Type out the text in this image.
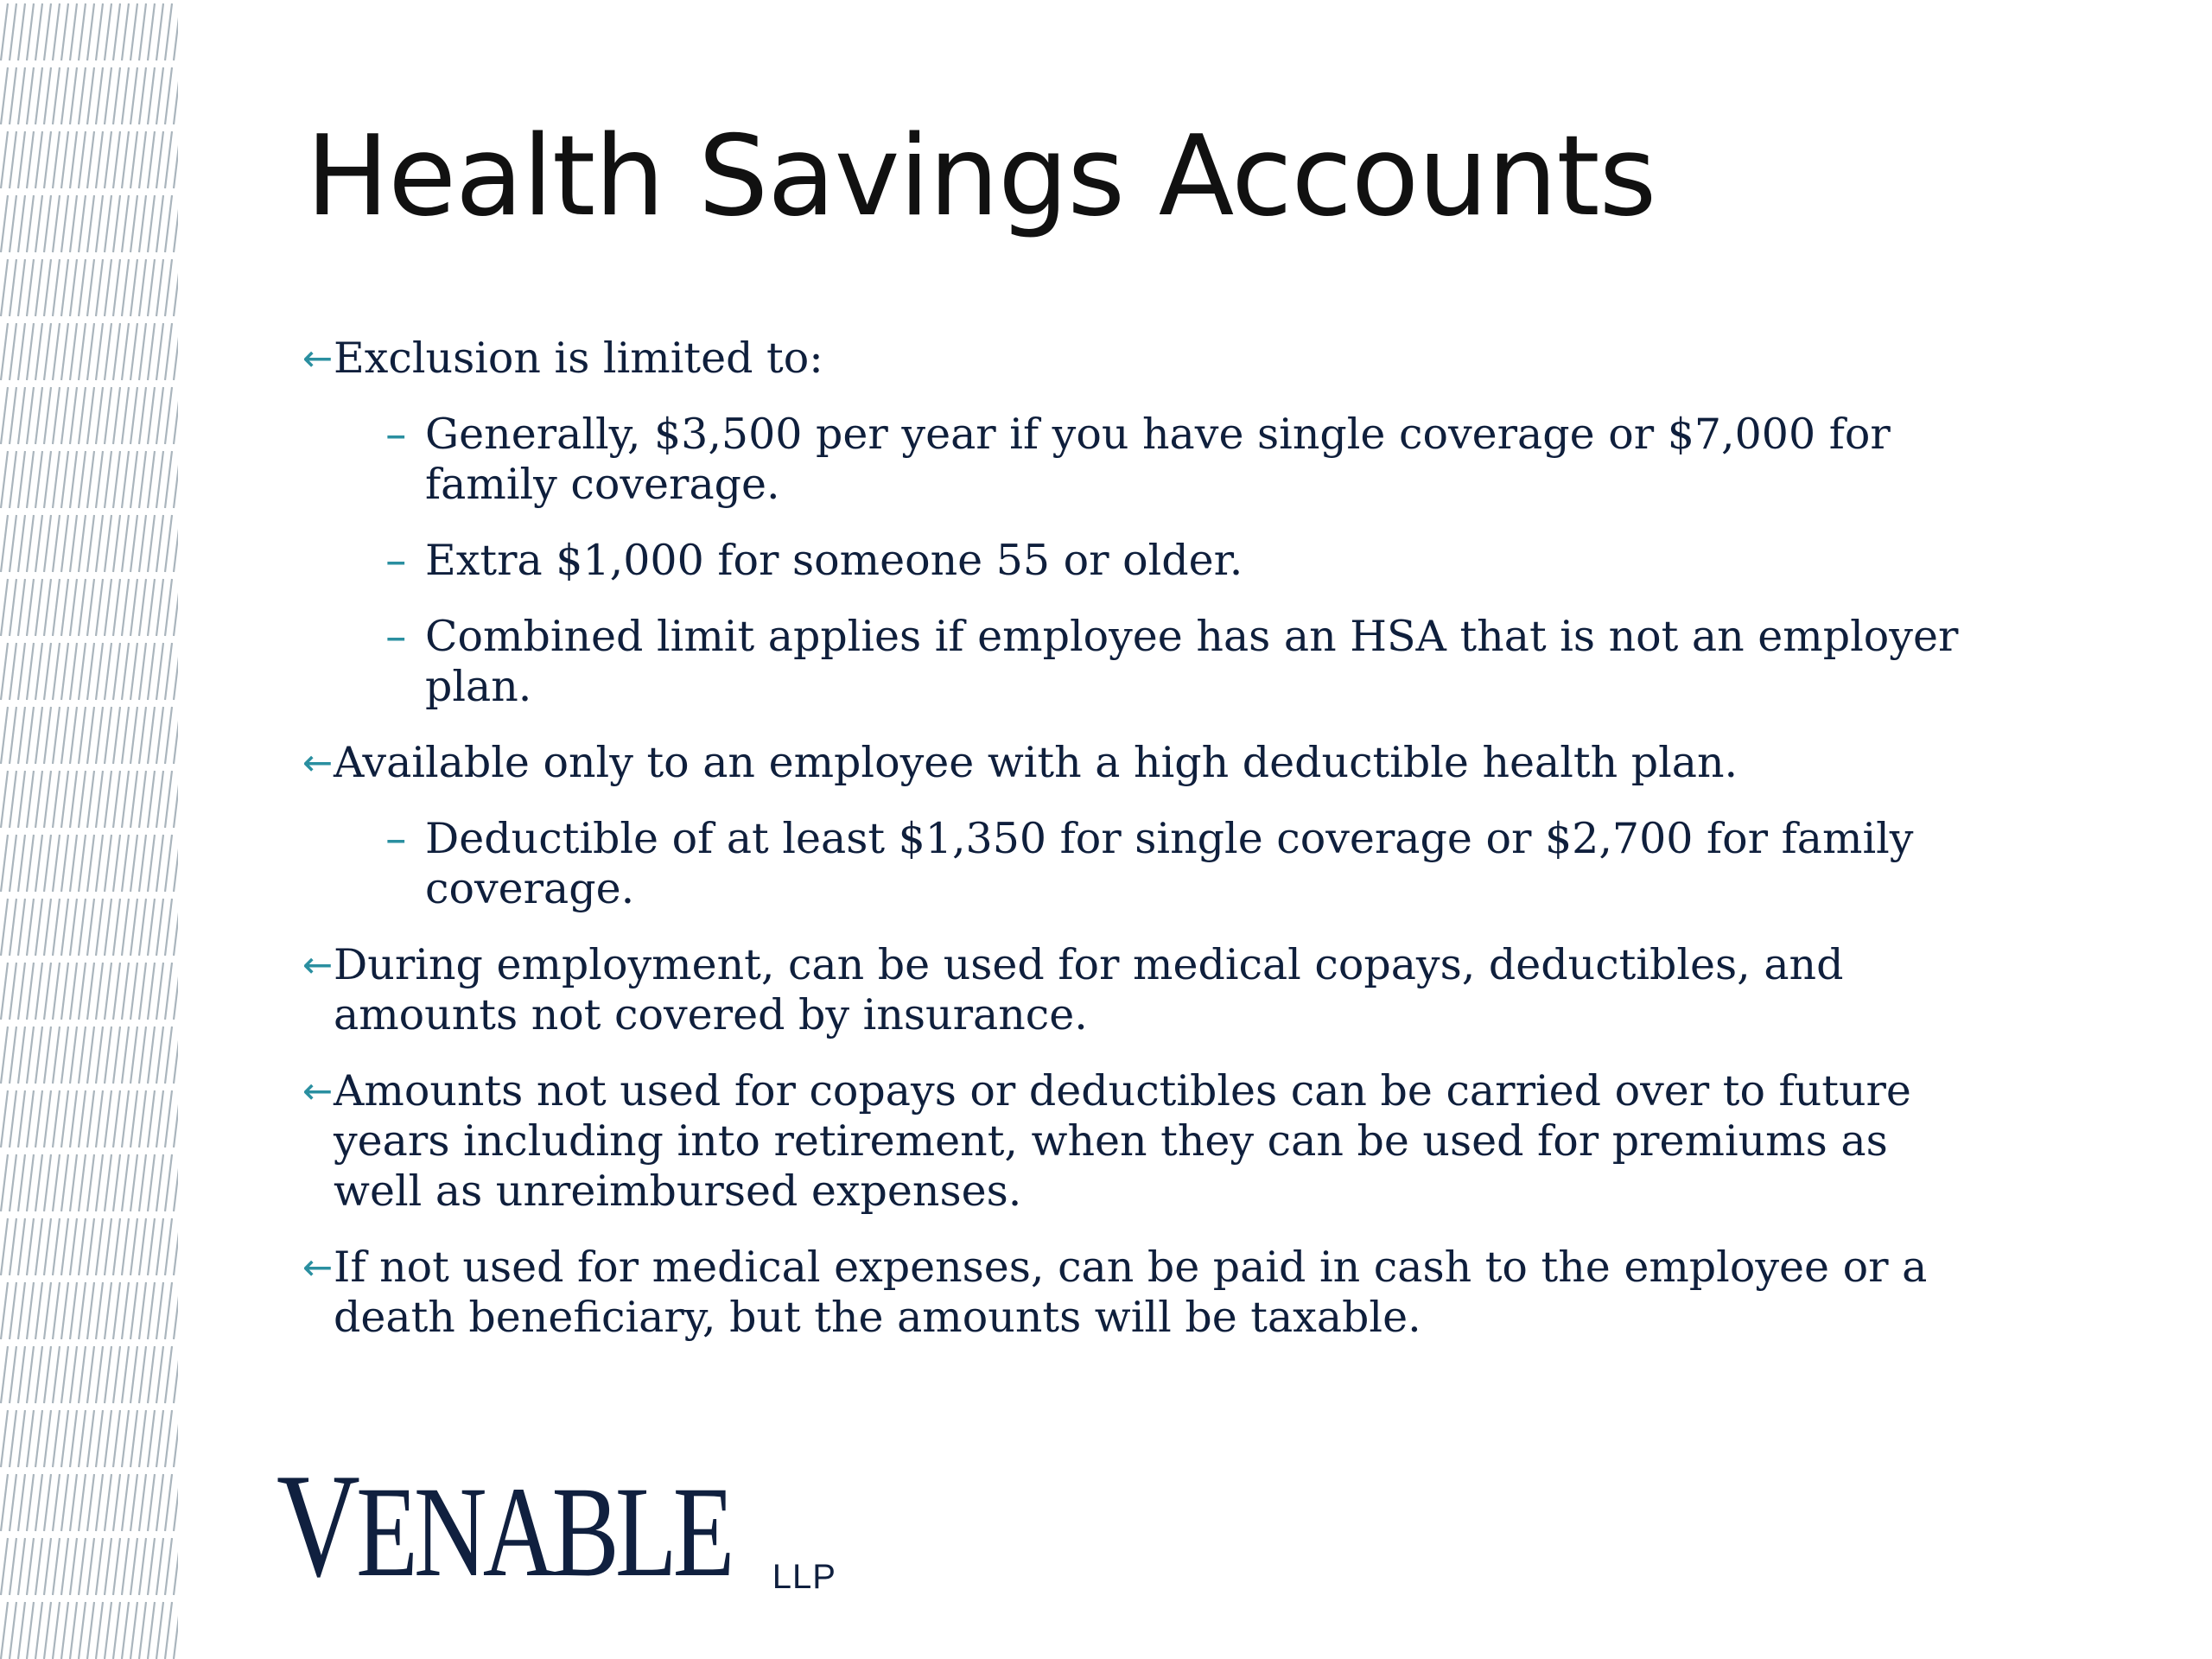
Health Savings Accounts
← Exclusion is limited to:
– Generally, $3,500 per year if you have single coverage or $7,000 for family coverage.
– Extra $1,000 for someone 55 or older.
– Combined limit applies if employee has an HSA that is not an employer plan.
← Available only to an employee with a high deductible health plan.
– Deductible of at least $1,350 for single coverage or $2,700 for family coverage.
← During employment, can be used for medical copays, deductibles, and amounts not covered by insurance.
← Amounts not used for copays or deductibles can be carried over to future years including into retirement, when they can be used for premiums as well as unreimbursed expenses.
← If not used for medical expenses, can be paid in cash to the employee or a death beneficiary, but the amounts will be taxable.
VENABLE LLP
